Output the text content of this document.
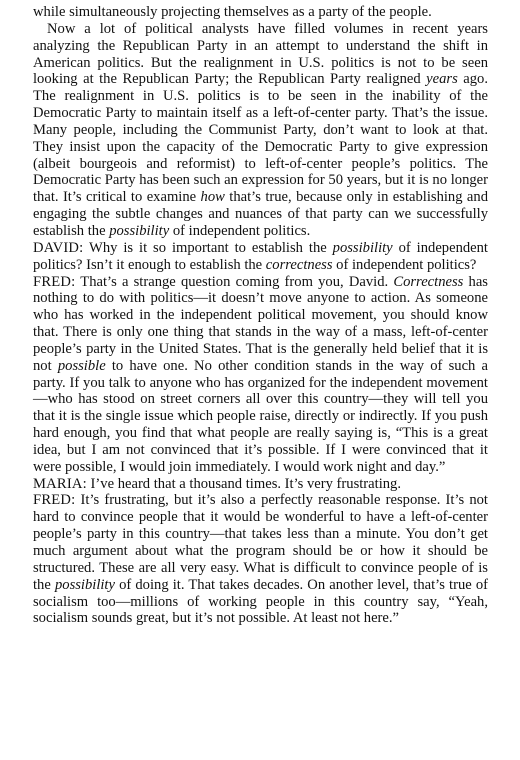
while simultaneously projecting themselves as a party of the people.

Now a lot of political analysts have filled volumes in recent years analyzing the Republican Party in an attempt to understand the shift in American politics. But the realignment in U.S. politics is not to be seen looking at the Republican Party; the Republican Party realigned years ago. The realignment in U.S. politics is to be seen in the inability of the Democratic Party to maintain itself as a left-of-center party. That’s the issue. Many people, including the Communist Party, don’t want to look at that. They insist upon the capacity of the Democratic Party to give expression (albeit bourgeois and reformist) to left-of-center people’s politics. The Democratic Party has been such an expression for 50 years, but it is no longer that. It’s critical to examine how that’s true, because only in establishing and engaging the subtle changes and nuances of that party can we successfully establish the possibility of independent politics.

DAVID: Why is it so important to establish the possibility of independent politics? Isn’t it enough to establish the correctness of independent politics?

FRED: That’s a strange question coming from you, David. Correctness has nothing to do with politics—it doesn’t move anyone to action. As someone who has worked in the independent political movement, you should know that. There is only one thing that stands in the way of a mass, left-of-center people’s party in the United States. That is the generally held belief that it is not possible to have one. No other condition stands in the way of such a party. If you talk to anyone who has organized for the independent movement—who has stood on street corners all over this country—they will tell you that it is the single issue which people raise, directly or indirectly. If you push hard enough, you find that what people are really saying is, “This is a great idea, but I am not convinced that it’s possible. If I were convinced that it were possible, I would join immediately. I would work night and day.”

MARIA: I’ve heard that a thousand times. It’s very frustrating.

FRED: It’s frustrating, but it’s also a perfectly reasonable response. It’s not hard to convince people that it would be wonderful to have a left-of-center people’s party in this country—that takes less than a minute. You don’t get much argument about what the program should be or how it should be structured. These are all very easy. What is difficult to convince people of is the possibility of doing it. That takes decades. On another level, that’s true of socialism too—millions of working people in this country say, “Yeah, socialism sounds great, but it’s not possible. At least not here.”
